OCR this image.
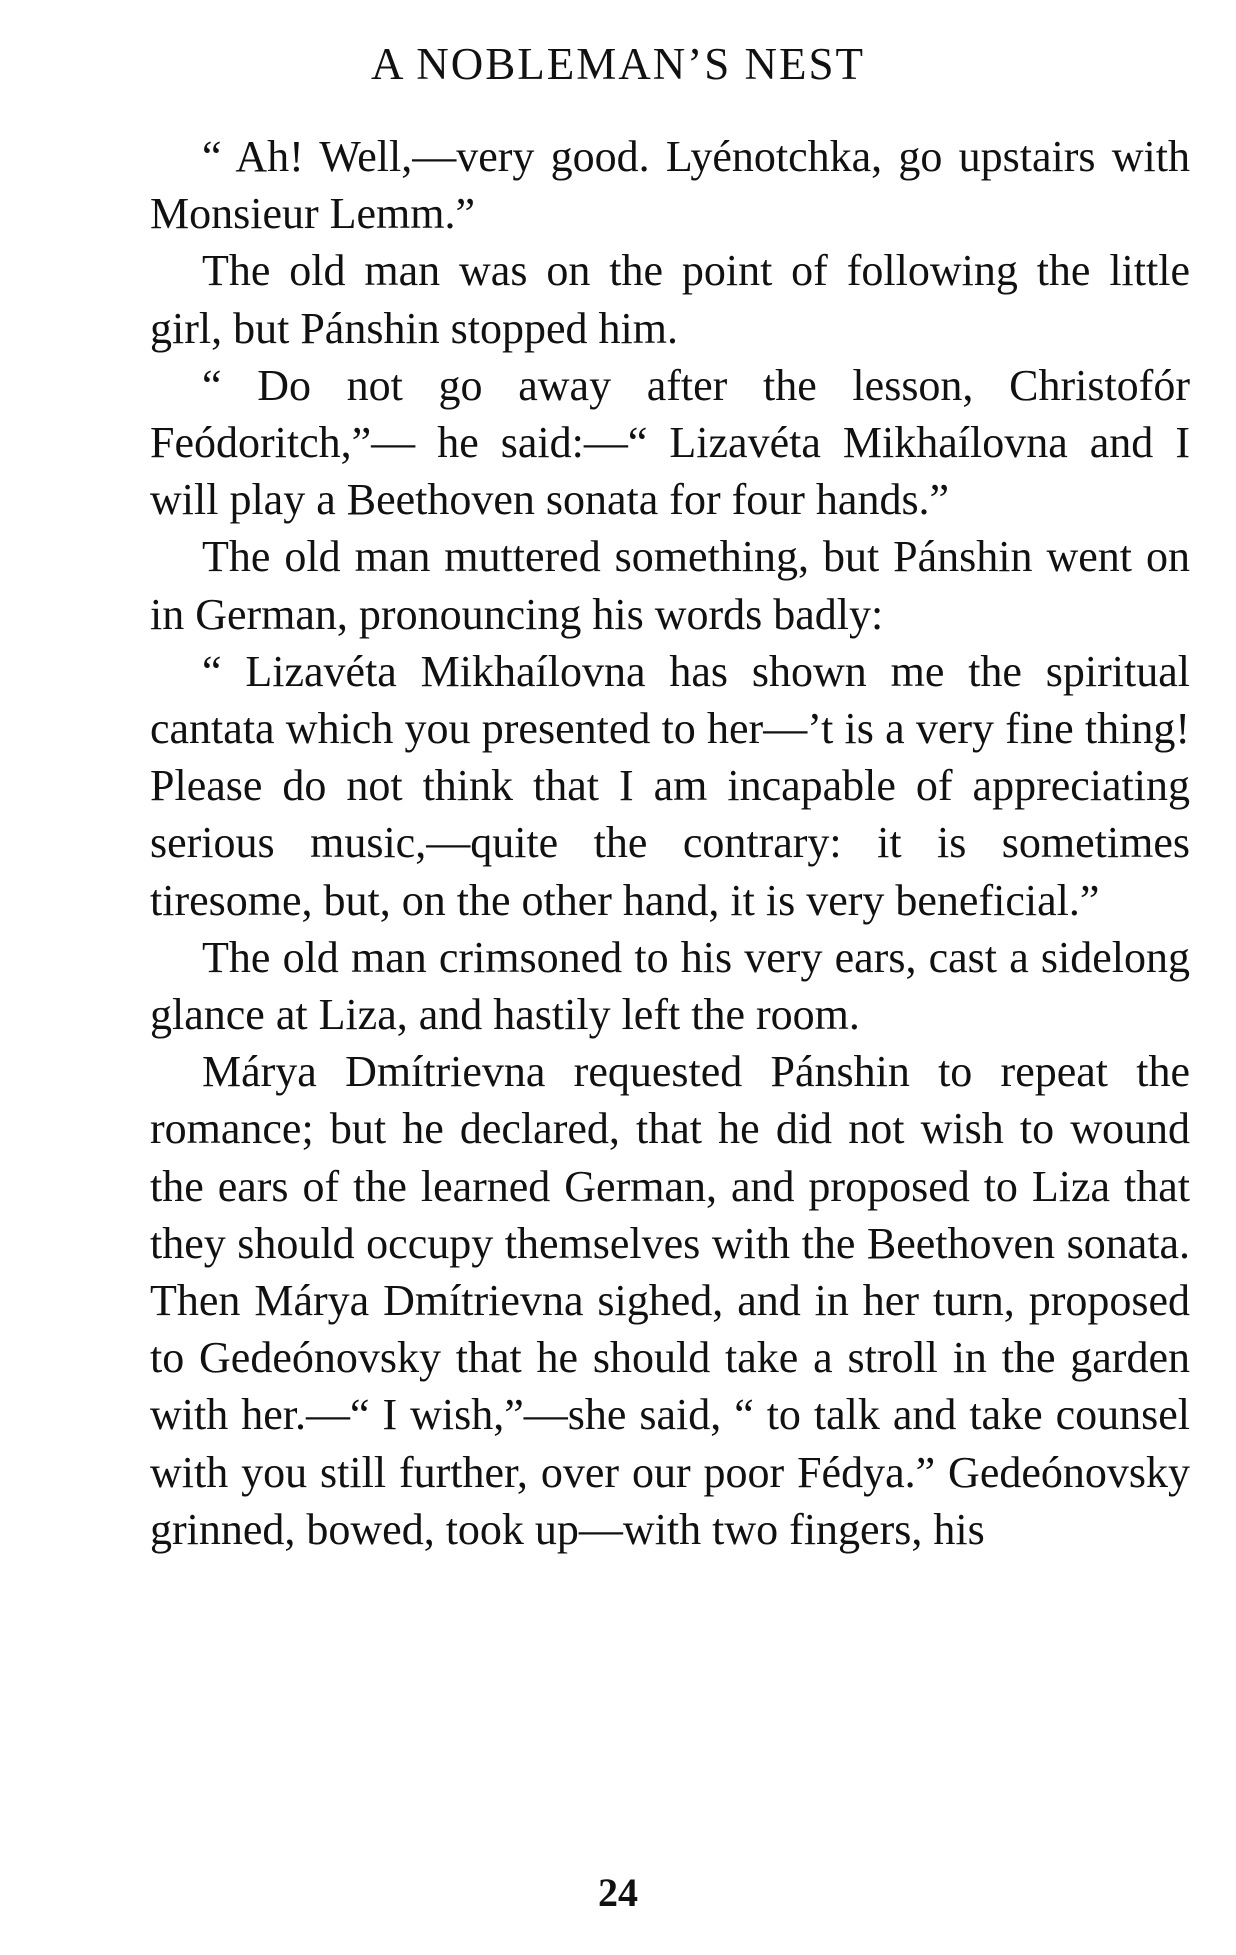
A NOBLEMAN’S NEST

“ Ah! Well,—very good. Lyénotchka, go upstairs with Monsieur Lemm.”

The old man was on the point of following the little girl, but Pánshin stopped him.

“ Do not go away after the lesson, Christofór Feódoritch,”— he said:—“ Lizavéta Mikhaílovna and I will play a Beethoven sonata for four hands.”

The old man muttered something, but Pánshin went on in German, pronouncing his words badly:

“ Lizavéta Mikhaílovna has shown me the spiritual cantata which you presented to her—’t is a very fine thing! Please do not think that I am incapable of appreciating serious music,—quite the contrary: it is sometimes tiresome, but, on the other hand, it is very beneficial.”

The old man crimsoned to his very ears, cast a sidelong glance at Liza, and hastily left the room.

Márya Dmítrievna requested Pánshin to repeat the romance; but he declared, that he did not wish to wound the ears of the learned German, and proposed to Liza that they should occupy themselves with the Beethoven sonata. Then Márya Dmítrievna sighed, and in her turn, proposed to Gedeónovsky that he should take a stroll in the garden with her.—“ I wish,”—she said, “ to talk and take counsel with you still further, over our poor Fédya.” Gedeónovsky grinned, bowed, took up—with two fingers, his

24
